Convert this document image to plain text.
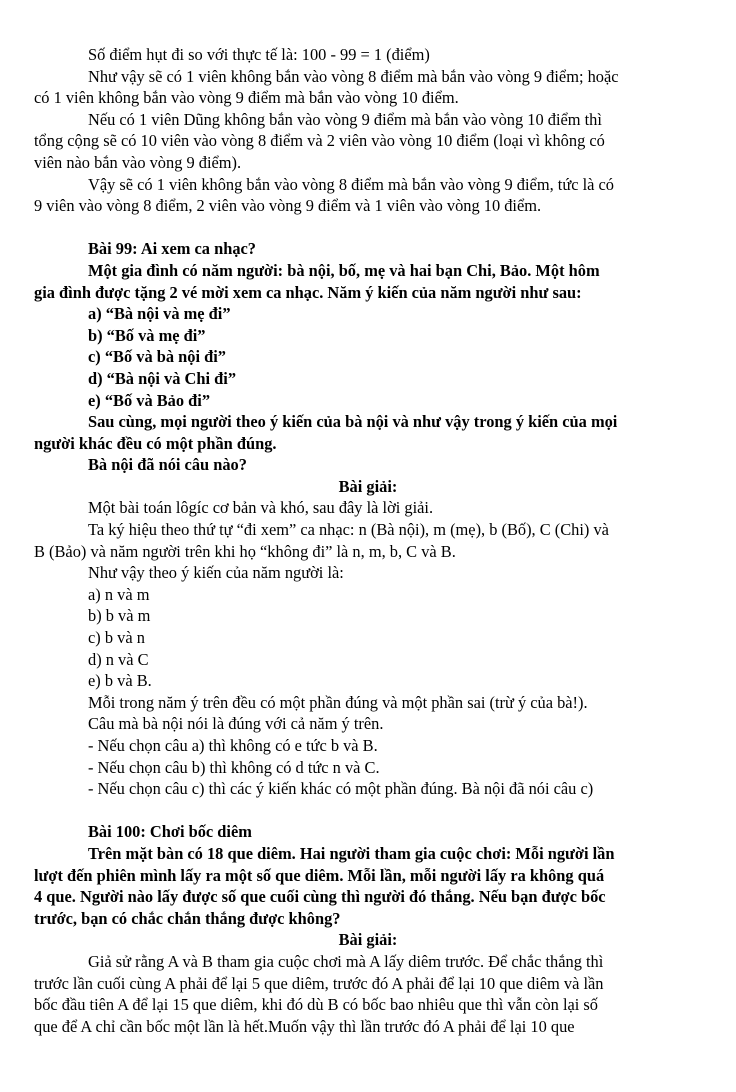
Số điểm hụt đi so với thực tế là: 100 - 99 = 1 (điểm)
Như vậy sẽ có 1 viên không bắn vào vòng 8 điểm mà bắn vào vòng 9 điểm; hoặc
có 1 viên không bắn vào vòng 9 điểm mà bắn vào vòng 10 điểm.
Nếu có 1 viên Dũng không bắn vào vòng 9 điểm mà bắn vào vòng 10 điểm thì
tổng cộng sẽ có 10 viên vào vòng 8 điểm và 2 viên vào vòng 10 điểm (loại vì không có
viên nào bắn vào vòng 9 điểm).
Vậy sẽ có 1 viên không bắn vào vòng 8 điểm mà bắn vào vòng 9 điểm, tức là có
9 viên vào vòng 8 điểm, 2 viên vào vòng 9 điểm và 1 viên vào vòng 10 điểm.
Bài 99: Ai xem ca nhạc?
Một gia đình có năm người: bà nội, bố, mẹ và hai bạn Chi, Bảo. Một hôm
gia đình được tặng 2 vé mời xem ca nhạc. Năm ý kiến của năm người như sau:
a) “Bà nội và mẹ đi”
b) “Bố và mẹ đi”
c) “Bố và bà nội đi”
d) “Bà nội và Chi đi”
e) “Bố và Bảo đi”
Sau cùng, mọi người theo ý kiến của bà nội và như vậy trong ý kiến của mọi
người khác đều có một phần đúng.
Bà nội đã nói câu nào?
Bài giải:
Một bài toán lôgíc cơ bản và khó, sau đây là lời giải.
Ta ký hiệu theo thứ tự “đi xem” ca nhạc: n (Bà nội), m (mẹ), b (Bố), C (Chi) và
B (Bảo) và năm người trên khi họ “không đi” là n, m, b, C và B.
Như vậy theo ý kiến của năm người là:
a) n và m
b) b và m
c) b và n
d) n và C
e) b và B.
Mỗi trong năm ý trên đều có một phần đúng và một phần sai (trừ ý của bà!).
Câu mà bà nội nói là đúng với cả năm ý trên.
- Nếu chọn câu a) thì không có e tức b và B.
- Nếu chọn câu b) thì không có d tức n và C.
- Nếu chọn câu c) thì các ý kiến khác có một phần đúng. Bà nội đã nói câu c)
Bài 100: Chơi bốc diêm
Trên mặt bàn có 18 que diêm. Hai người tham gia cuộc chơi: Mỗi người lần
lượt đến phiên mình lấy ra một số que diêm. Mỗi lần, mỗi người lấy ra không quá
4 que. Người nào lấy được số que cuối cùng thì người đó thắng. Nếu bạn được bốc
trước, bạn có chắc chắn thắng được không?
Bài giải:
Giả sử rằng A và B tham gia cuộc chơi mà A lấy diêm trước. Để chắc thắng thì
trước lần cuối cùng A phải để lại 5 que diêm, trước đó A phải để lại 10 que diêm và lần
bốc đầu tiên A để lại 15 que diêm, khi đó dù B có bốc bao nhiêu que thì vẫn còn lại số
que để A chỉ cần bốc một lần là hết.Muốn vậy thì lần trước đó A phải để lại 10 que
